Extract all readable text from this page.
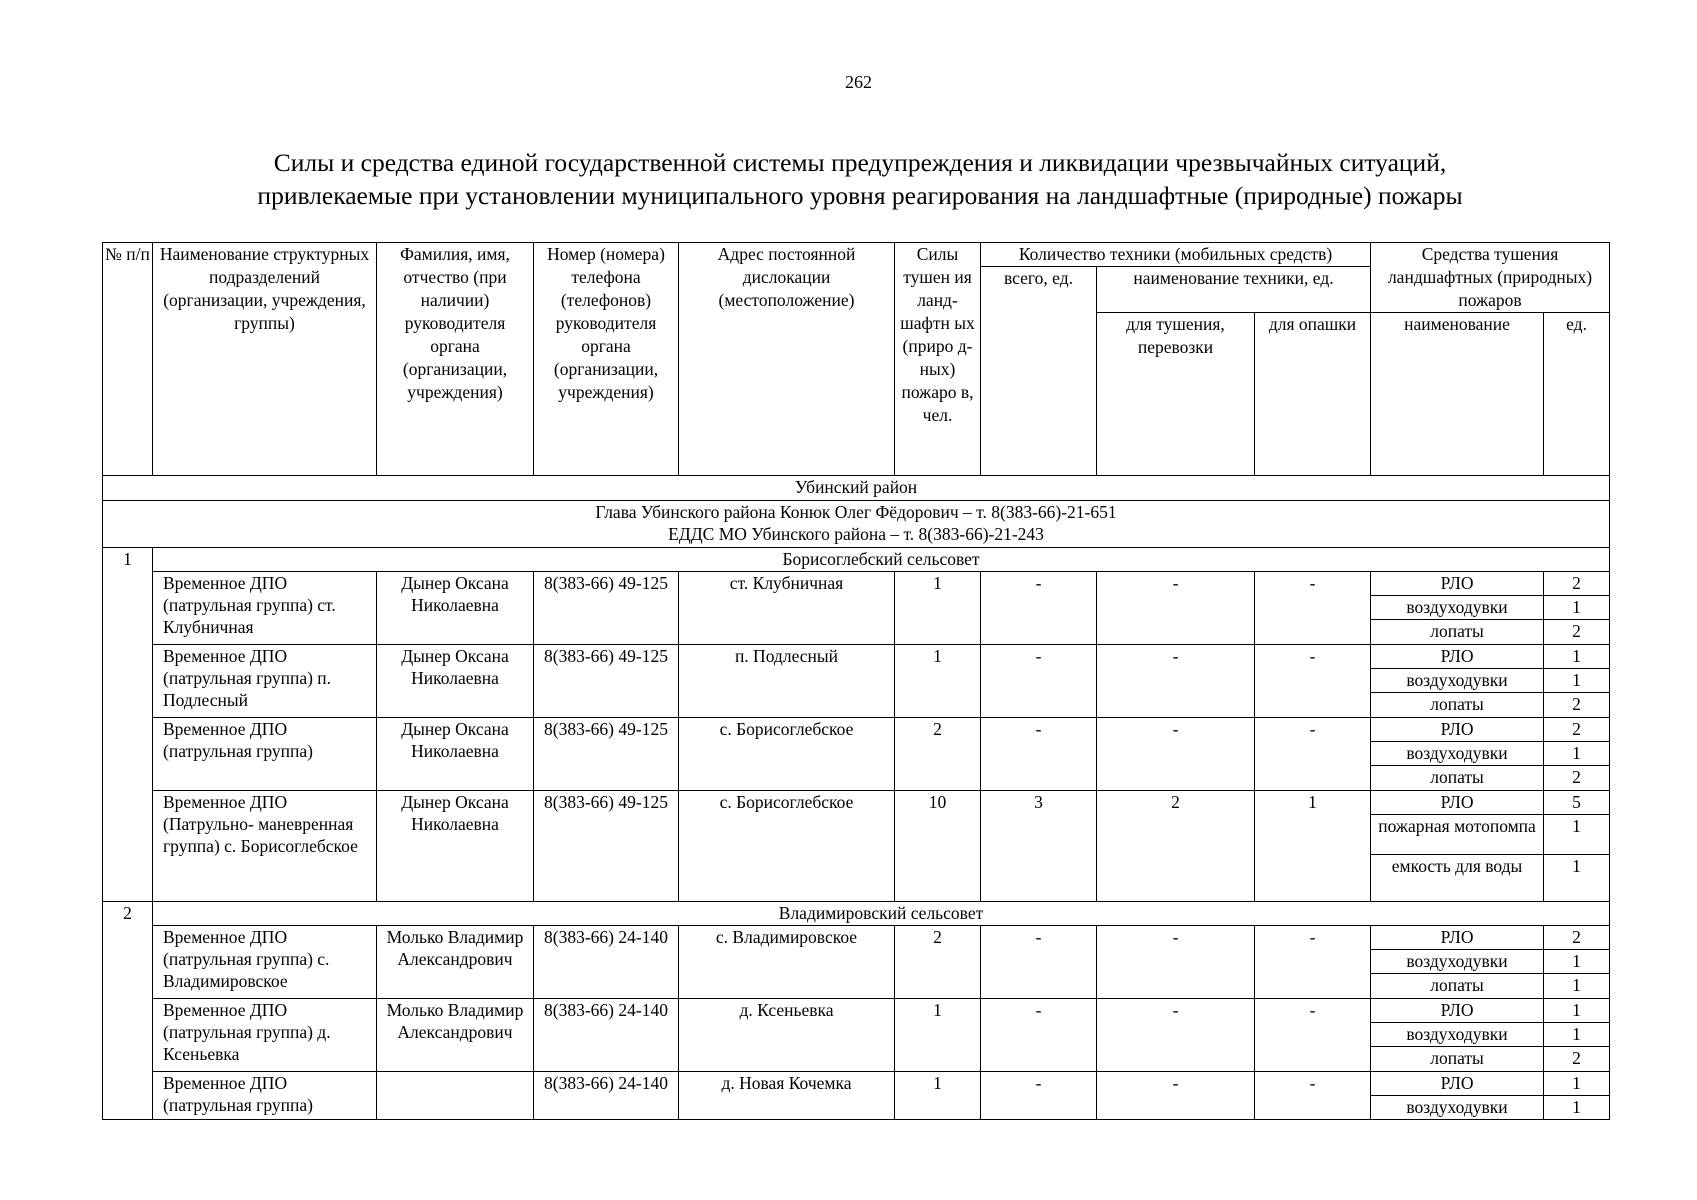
262
Силы и средства единой государственной системы предупреждения и ликвидации чрезвычайных ситуаций,
привлекаемые при установлении муниципального уровня реагирования на ландшафтные (природные) пожары
№ п/п	Наименование структурных подразделений (организации, учреждения, группы)	Фамилия, имя, отчество (при наличии) руководителя органа (организации, учреждения)	Номер (номера) телефона (телефонов) руководителя органа (организации, учреждения)	Адрес постоянной дислокации (местоположение)	Силы тушен ия ланд- шафтн ых (приро д-ных) пожаро в, чел.	Количество техники (мобильных средств)			Средства тушения ландшафтных (природных) пожаров	
						всего, ед.	наименование техники, ед.			
							для тушения, перевозки	для опашки	наименование	ед.
Убинский район										

Глава Убинского района Конюк Олег Фёдорович – т. 8(383-66)-21-651
ЕДДС МО Убинского района – т. 8(383-66)-21-243										

1	Борисоглебский сельсовет									
	Временное ДПО (патрульная группа) ст. Клубничная	Дынер Оксана Николаевна	8(383-66) 49-125	ст. Клубничная	1	-	-	-	РЛО	2
									воздуходувки	1
									лопаты	2
	Временное ДПО (патрульная группа) п. Подлесный	Дынер Оксана Николаевна	8(383-66) 49-125	п. Подлесный	1	-	-	-	РЛО	1
									воздуходувки	1
									лопаты	2
	Временное ДПО (патрульная группа)	Дынер Оксана Николаевна	8(383-66) 49-125	с. Борисоглебское	2	-	-	-	РЛО	2
									воздуходувки	1
									лопаты	2
	Временное ДПО (Патрульно- маневренная группа) с. Борисоглебское	Дынер Оксана Николаевна	8(383-66) 49-125	с. Борисоглебское	10	3	2	1	РЛО	5
									пожарная мотопомпа	1
									емкость для воды	1
2	Владимировский сельсовет									
	Временное ДПО (патрульная группа) с. Владимировское	Молько Владимир Александрович	8(383-66) 24-140	с. Владимировское	2	-	-	-	РЛО	2
									воздуходувки	1
									лопаты	1
	Временное ДПО (патрульная группа) д. Ксеньевка	Молько Владимир Александрович	8(383-66) 24-140	д. Ксеньевка	1	-	-	-	РЛО	1
									воздуходувки	1
									лопаты	2
	Временное ДПО (патрульная группа)		8(383-66) 24-140	д. Новая Кочемка	1	-	-	-	РЛО	1
									воздуходувки	1
